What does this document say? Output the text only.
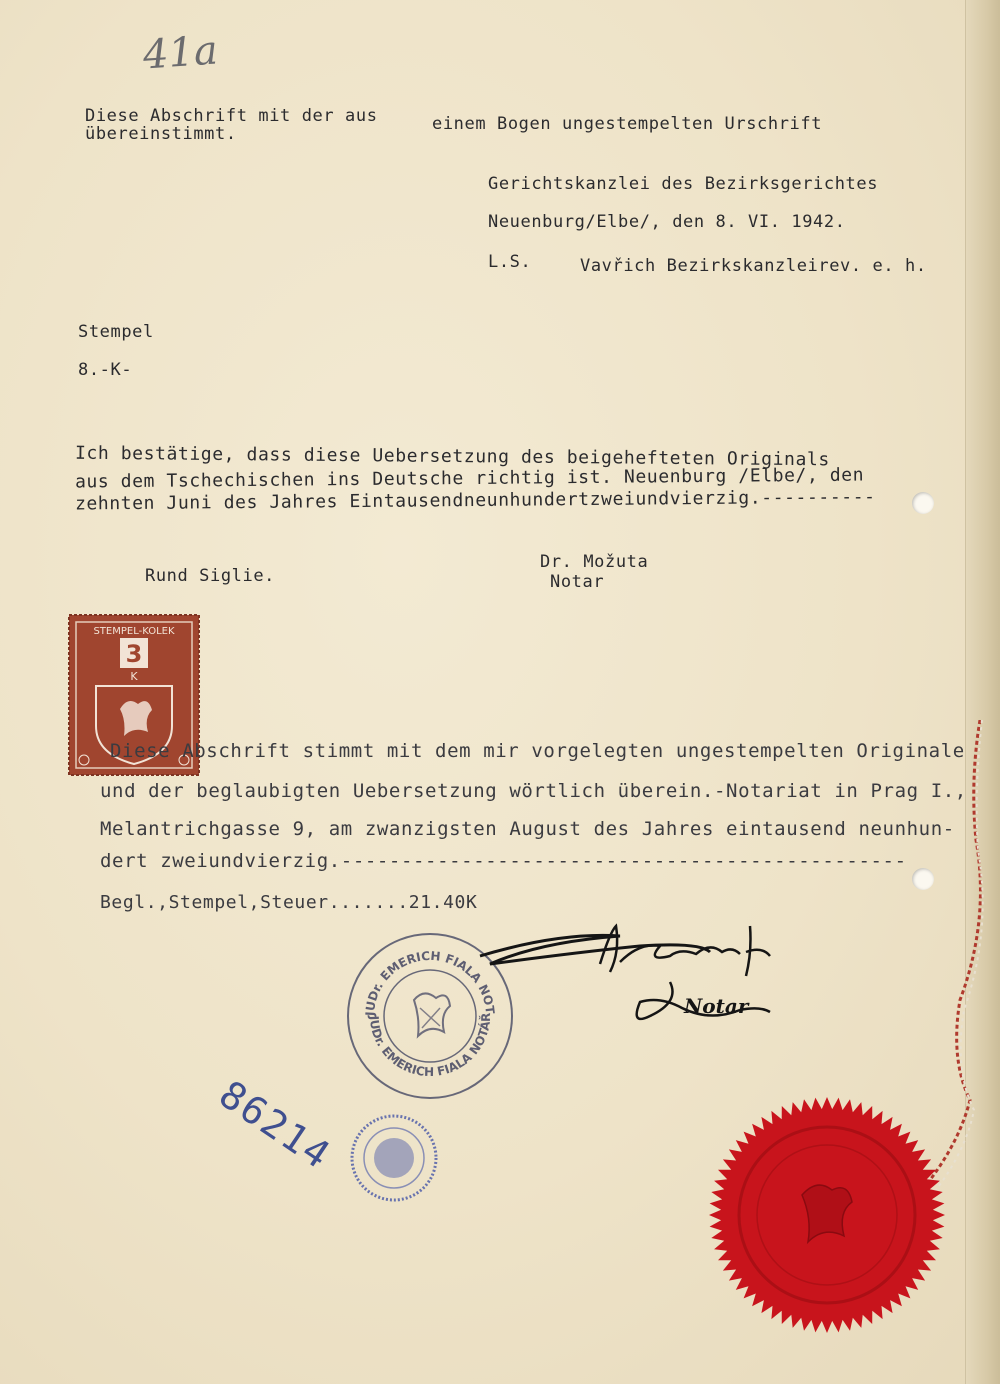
41a
Diese Abschrift mit der aus	einem Bogen ungestempelten Urschrift
übereinstimmt.
Gerichtskanzlei des Bezirksgerichtes
Neuenburg/Elbe/, den 8. VI. 1942.
L.S.	Vavřich Bezirkskanzleirev. e. h.
Stempel
8.-K-
Ich bestätige, dass diese Uebersetzung des beigehefteten Originals
aus dem Tschechischen ins Deutsche richtig ist. Neuenburg /Elbe/, den
zehnten Juni des Jahres Eintausendneunhundertzweiundvierzig.----------
Rund Siglie.
Dr. Možuta
Notar
STEMPEL-KOLEK
3
K
Diese Abschrift stimmt mit dem mir vorgelegten ungestempelten Originale
und der beglaubigten Uebersetzung wörtlich überein.-Notariat in Prag I.,
Melantrichgasse 9, am zwanzigsten August des Jahres eintausend neunhun-
dert zweiundvierzig.-----------------------------------------------
Begl.,Stempel,Steuer.......21.40K
JUDr. EMERICH FIALA NOT
JUDr. EMERICH FIALA NOTÁŘ	Notar
86214
